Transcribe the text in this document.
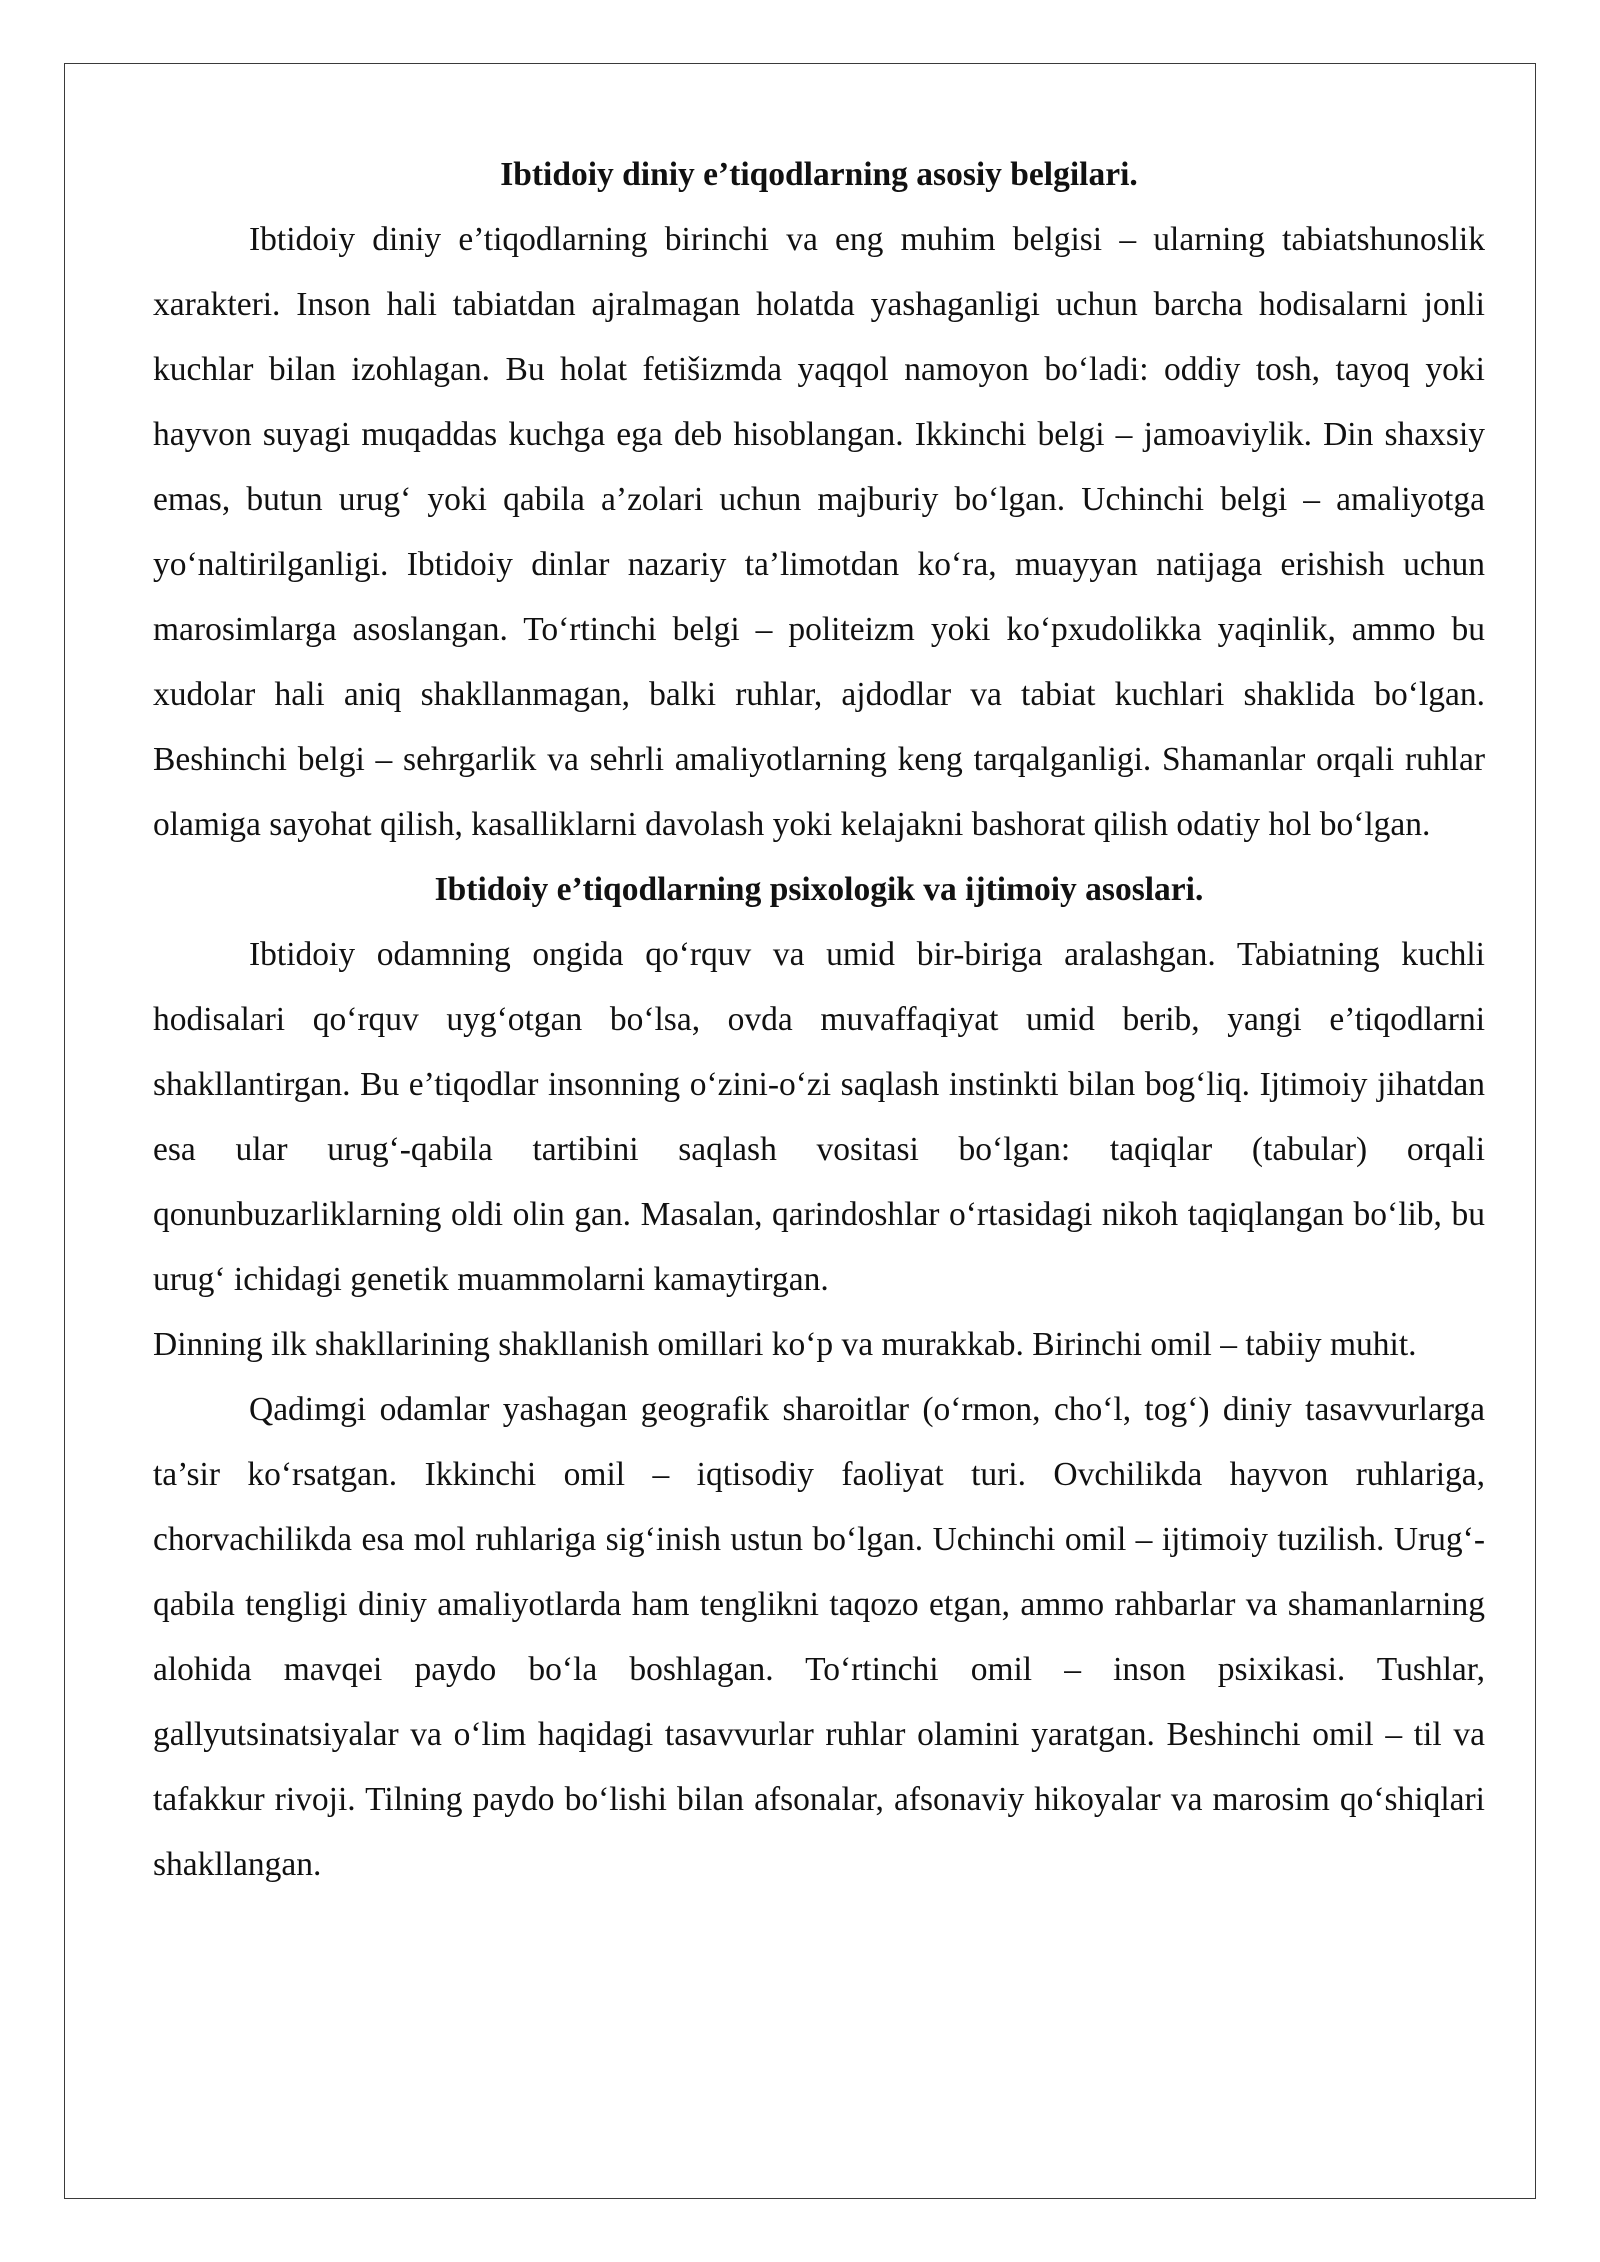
Ibtidoiy diniy e’tiqodlarning asosiy belgilari.

Ibtidoiy diniy e’tiqodlarning birinchi va eng muhim belgisi – ularning tabiatshunoslik xarakteri. Inson hali tabiatdan ajralmagan holatda yashaganligi uchun barcha hodisalarni jonli kuchlar bilan izohlagan. Bu holat fetišizmda yaqqol namoyon boʻladi: oddiy tosh, tayoq yoki hayvon suyagi muqaddas kuchga ega deb hisoblangan. Ikkinchi belgi – jamoaviylik. Din shaxsiy emas, butun urugʻ yoki qabila a’zolari uchun majburiy boʻlgan. Uchinchi belgi – amaliyotga yoʻnaltirilganligi. Ibtidoiy dinlar nazariy ta’limotdan koʻra, muayyan natijaga erishish uchun marosimlarga asoslangan. Toʻrtinchi belgi – politeizm yoki koʻpxudolikka yaqinlik, ammo bu xudolar hali aniq shakllanmagan, balki ruhlar, ajdodlar va tabiat kuchlari shaklida boʻlgan. Beshinchi belgi – sehrgarlik va sehrli amaliyotlarning keng tarqalganligi. Shamanlar orqali ruhlar olamiga sayohat qilish, kasalliklarni davolash yoki kelajakni bashorat qilish odatiy hol boʻlgan.

Ibtidoiy e’tiqodlarning psixologik va ijtimoiy asoslari.

Ibtidoiy odamning ongida qoʻrquv va umid bir-biriga aralashgan. Tabiatning kuchli hodisalari qoʻrquv uygʻotgan boʻlsa, ovda muvaffaqiyat umid berib, yangi e’tiqodlarni shakllantirgan. Bu e’tiqodlar insonning oʻzini-oʻzi saqlash instinkti bilan bogʻliq. Ijtimoiy jihatdan esa ular urugʻ-qabila tartibini saqlash vositasi boʻlgan: taqiqlar (tabular) orqali qonunbuzarliklarning oldi olin gan. Masalan, qarindoshlar oʻrtasidagi nikoh taqiqlangan boʻlib, bu urugʻ ichidagi genetik muammolarni kamaytirgan.

Dinning ilk shakllarining shakllanish omillari koʻp va murakkab. Birinchi omil – tabiiy muhit.

Qadimgi odamlar yashagan geografik sharoitlar (oʻrmon, choʻl, togʻ) diniy tasavvurlarga ta’sir koʻrsatgan. Ikkinchi omil – iqtisodiy faoliyat turi. Ovchilikda hayvon ruhlariga, chorvachilikda esa mol ruhlariga sigʻinish ustun boʻlgan. Uchinchi omil – ijtimoiy tuzilish. Urugʻ-qabila tengligi diniy amaliyotlarda ham tenglikni taqozo etgan, ammo rahbarlar va shamanlarning alohida mavqei paydo boʻla boshlagan. Toʻrtinchi omil – inson psixikasi. Tushlar, gallyutsinatsiyalar va oʻlim haqidagi tasavvurlar ruhlar olamini yaratgan. Beshinchi omil – til va tafakkur rivoji. Tilning paydo boʻlishi bilan afsonalar, afsonaviy hikoyalar va marosim qoʻshiqlari shakllangan.
